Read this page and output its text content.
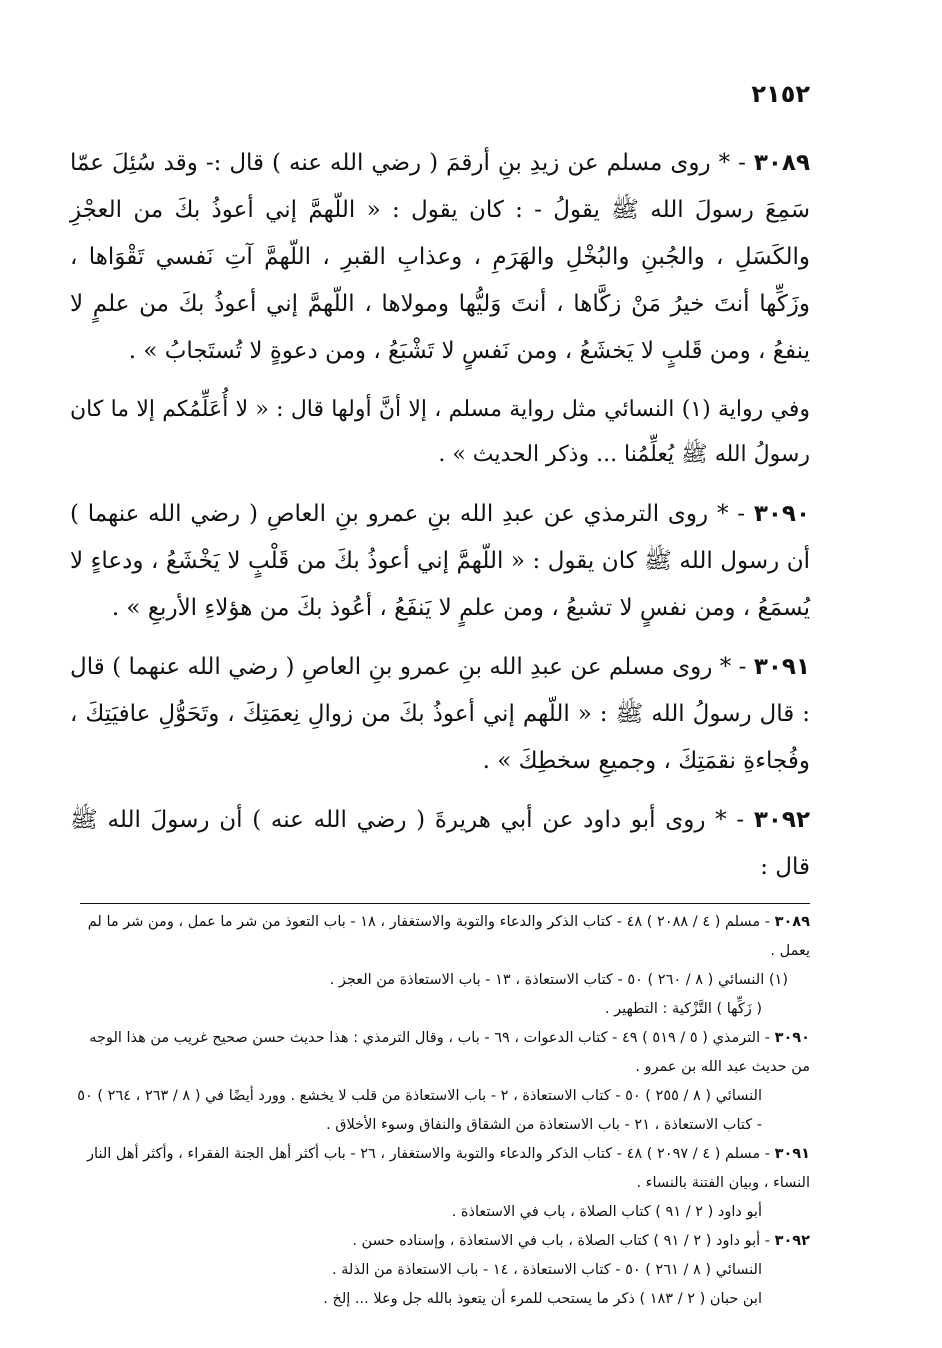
٢١٥٢

٣٠٨٩ - * روى مسلم عن زيدِ بنِ أرقمَ ( رضي الله عنه ) قال :- وقد سُئِلَ عمّا سَمِعَ رسولَ الله ﷺ يقولُ - : كان يقول : « اللّهمَّ إني أعوذُ بكَ من العجْزِ والكَسَلِ ، والجُبنِ والبُخْلِ والهَرَمِ ، وعذابِ القبرِ ، اللّهمَّ آتِ نَفسي تَقْوَاها ، وزَكِّها أنتَ خيرُ مَنْ زكَّاها ، أنتَ وَليُّها ومولاها ، اللّهمَّ إني أعوذُ بكَ من علمٍ لا ينفعُ ، ومن قَلبٍ لا يَخشَعُ ، ومن نَفسٍ لا تَشْبَعُ ، ومن دعوةٍ لا تُستَجابُ » .

وفي رواية (١) النسائي مثل رواية مسلم ، إلا أنَّ أولها قال : « لا أُعَلِّمُكم إلا ما كان رسولُ الله ﷺ يُعلِّمُنا ... وذكر الحديث » .

٣٠٩٠ - * روى الترمذي عن عبدِ الله بنِ عمرو بنِ العاصِ ( رضي الله عنهما ) أن رسول الله ﷺ كان يقول : « اللّهمَّ إني أعوذُ بكَ من قَلْبٍ لا يَخْشَعُ ، ودعاءٍ لا يُسمَعُ ، ومن نفسٍ لا تشبعُ ، ومن علمٍ لا يَنفَعُ ، أعُوذ بكَ من هؤلاءِ الأربعِ » .

٣٠٩١ - * روى مسلم عن عبدِ الله بنِ عمرو بنِ العاصِ ( رضي الله عنهما ) قال : قال رسولُ الله ﷺ : « اللّهم إني أعوذُ بكَ من زوالِ نِعمَتِكَ ، وتَحَوُّلِ عافيَتِكَ ، وفُجاءةِ نقمَتِكَ ، وجميعِ سخطِكَ » .

٣٠٩٢ - * روى أبو داود عن أبي هريرةَ ( رضي الله عنه ) أن رسولَ الله ﷺ قال :

٣٠٨٩ - مسلم ( ٤ / ٢٠٨٨ ) ٤٨ - كتاب الذكر والدعاء والتوبة والاستغفار ، ١٨ - باب التعوذ من شر ما عمل ، ومن شر ما لم يعمل .

(١) النسائي ( ٨ / ٢٦٠ ) ٥٠ - كتاب الاستعاذة ، ١٣ - باب الاستعاذة من العجز .

( زَكِّها ) التَّزْكية : التطهير .

٣٠٩٠ - الترمذي ( ٥ / ٥١٩ ) ٤٩ - كتاب الدعوات ، ٦٩ - باب ، وقال الترمذي : هذا حديث حسن صحيح غريب من هذا الوجه من حديث عبد الله بن عمرو .

النسائي ( ٨ / ٢٥٥ ) ٥٠ - كتاب الاستعاذة ، ٢ - باب الاستعاذة من قلب لا يخشع . وورد أيضًا في ( ٨ / ٢٦٣ ، ٢٦٤ ) ٥٠ - كتاب الاستعاذة ، ٢١ - باب الاستعاذة من الشقاق والنفاق وسوء الأخلاق .

٣٠٩١ - مسلم ( ٤ / ٢٠٩٧ ) ٤٨ - كتاب الذكر والدعاء والتوبة والاستغفار ، ٢٦ - باب أكثر أهل الجنة الفقراء ، وأكثر أهل النار النساء ، وبيان الفتنة بالنساء .

أبو داود ( ٢ / ٩١ ) كتاب الصلاة ، باب في الاستعاذة .

٣٠٩٢ - أبو داود ( ٢ / ٩١ ) كتاب الصلاة ، باب في الاستعاذة ، وإسناده حسن .

النسائي ( ٨ / ٢٦١ ) ٥٠ - كتاب الاستعاذة ، ١٤ - باب الاستعاذة من الذلة .

ابن حبان ( ٢ / ١٨٣ ) ذكر ما يستحب للمرء أن يتعوذ بالله جل وعلا ... إلخ .
